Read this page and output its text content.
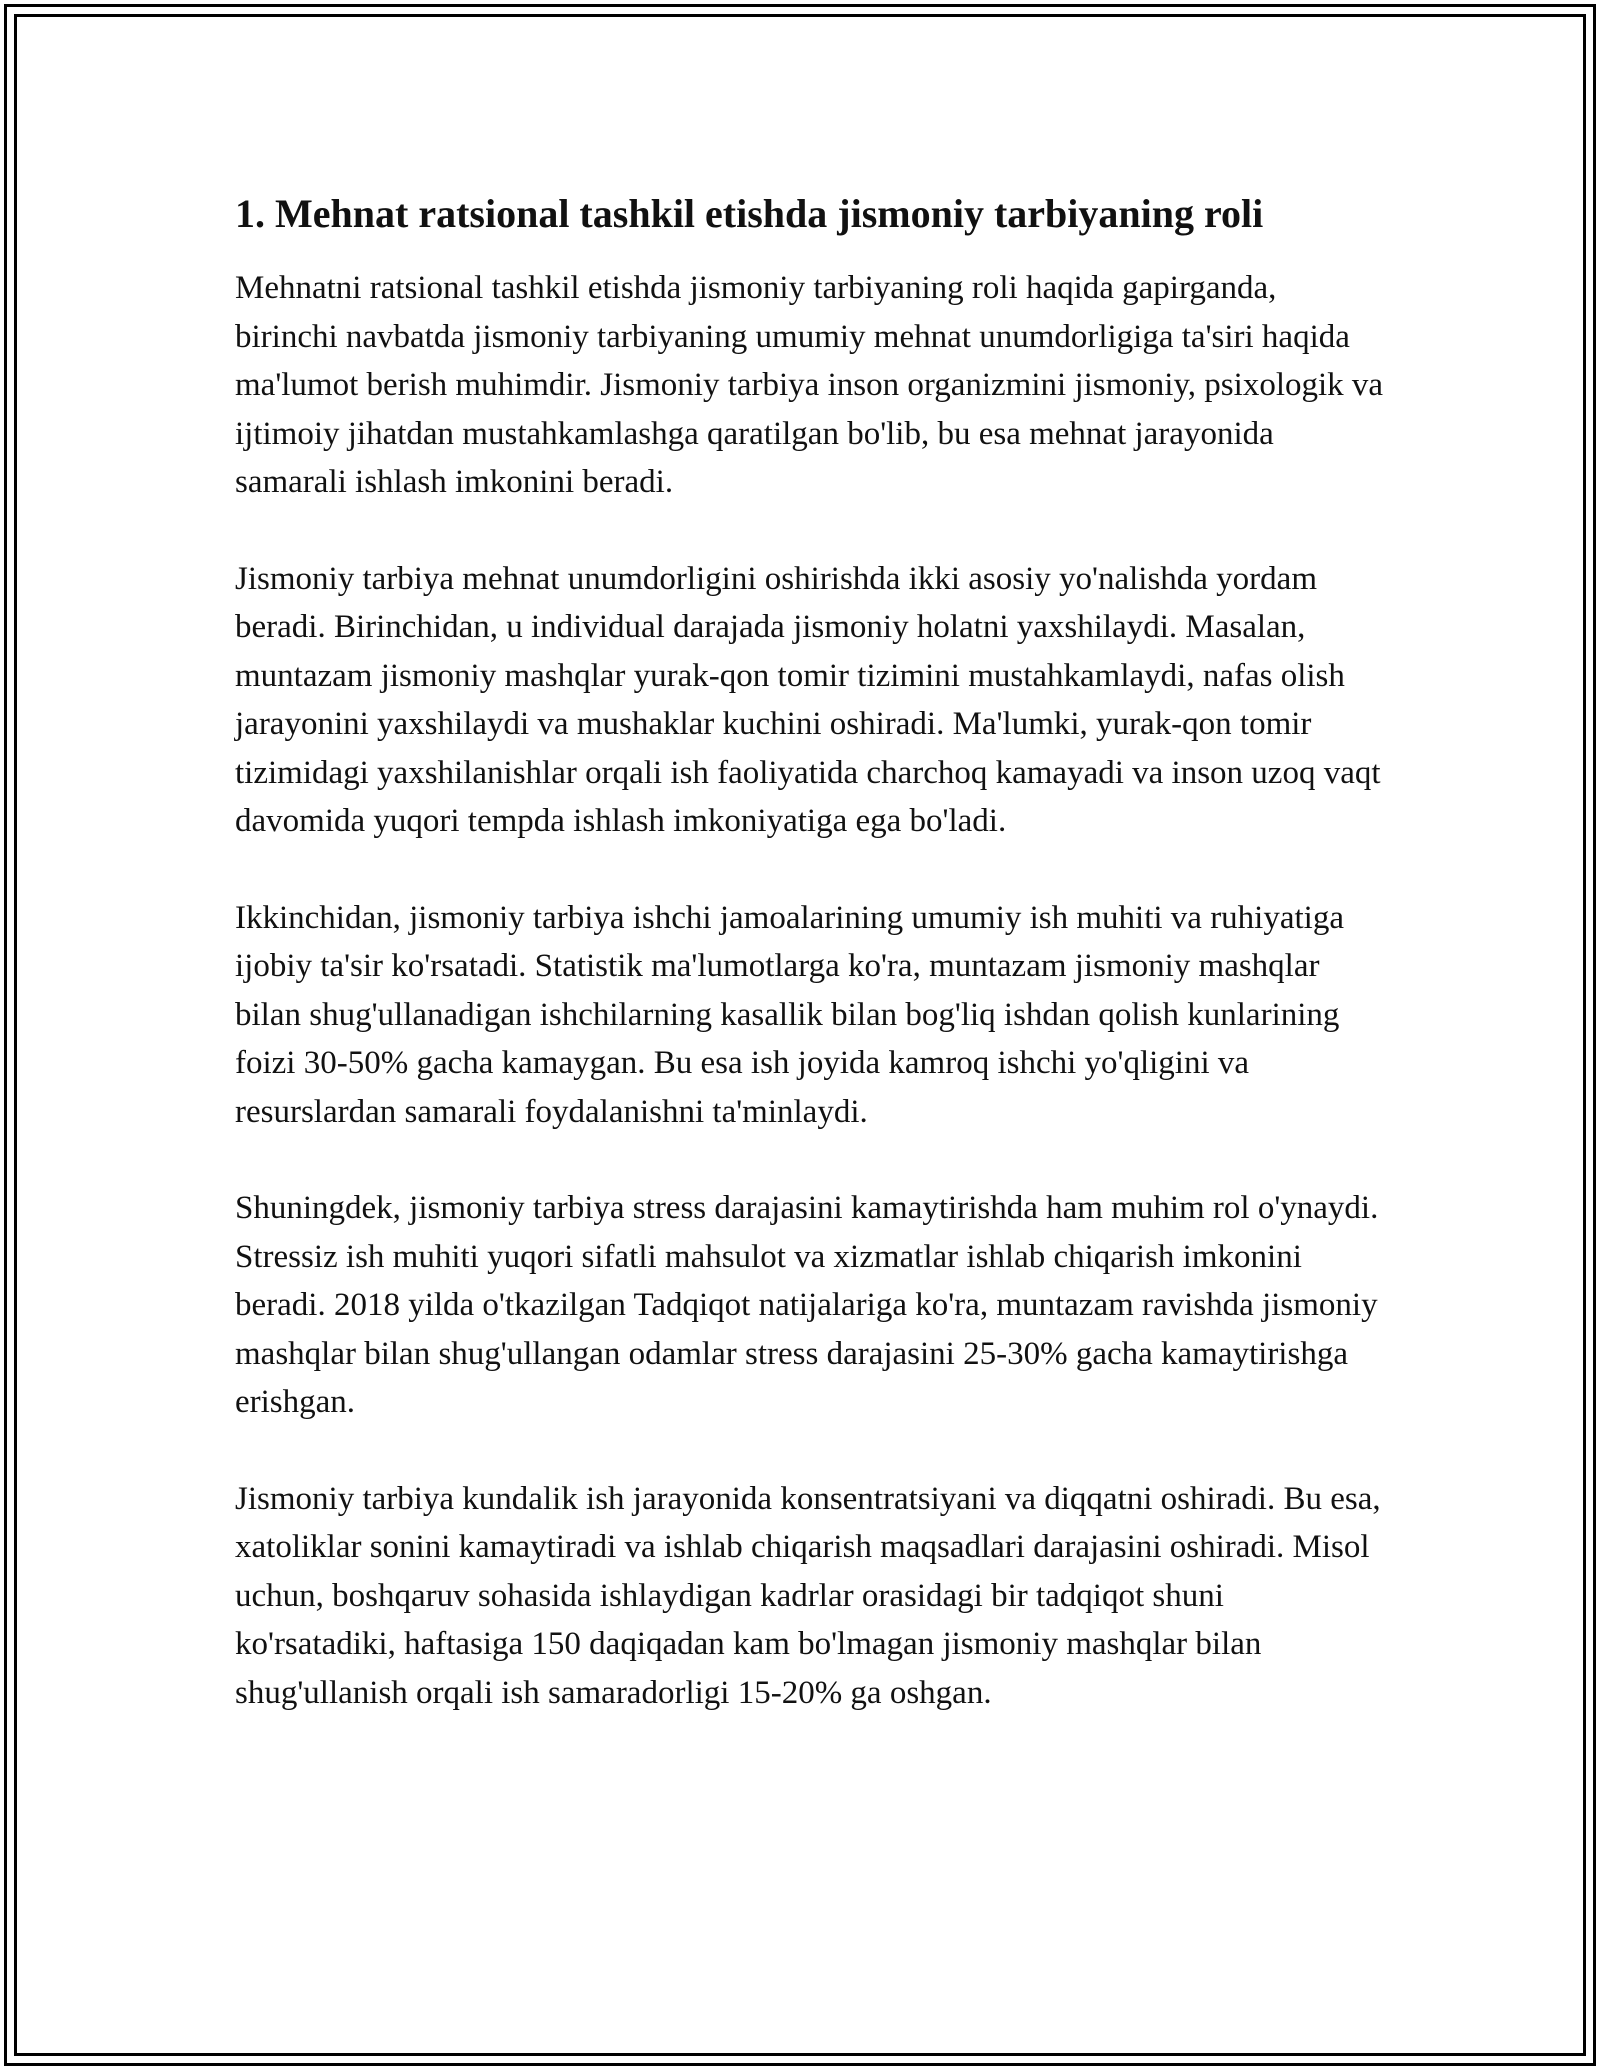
1. Mehnat ratsional tashkil etishda jismoniy tarbiyaning roli

Mehnatni ratsional tashkil etishda jismoniy tarbiyaning roli haqida gapirganda, birinchi navbatda jismoniy tarbiyaning umumiy mehnat unumdorligiga ta'siri haqida ma'lumot berish muhimdir. Jismoniy tarbiya inson organizmini jismoniy, psixologik va ijtimoiy jihatdan mustahkamlashga qaratilgan bo'lib, bu esa mehnat jarayonida samarali ishlash imkonini beradi.

Jismoniy tarbiya mehnat unumdorligini oshirishda ikki asosiy yo'nalishda yordam beradi. Birinchidan, u individual darajada jismoniy holatni yaxshilaydi. Masalan, muntazam jismoniy mashqlar yurak-qon tomir tizimini mustahkamlaydi, nafas olish jarayonini yaxshilaydi va mushaklar kuchini oshiradi. Ma'lumki, yurak-qon tomir tizimidagi yaxshilanishlar orqali ish faoliyatida charchoq kamayadi va inson uzoq vaqt davomida yuqori tempda ishlash imkoniyatiga ega bo'ladi.

Ikkinchidan, jismoniy tarbiya ishchi jamoalarining umumiy ish muhiti va ruhiyatiga ijobiy ta'sir ko'rsatadi. Statistik ma'lumotlarga ko'ra, muntazam jismoniy mashqlar bilan shug'ullanadigan ishchilarning kasallik bilan bog'liq ishdan qolish kunlarining foizi 30-50% gacha kamaygan. Bu esa ish joyida kamroq ishchi yo'qligini va resurslardan samarali foydalanishni ta'minlaydi.

Shuningdek, jismoniy tarbiya stress darajasini kamaytirishda ham muhim rol o'ynaydi. Stressiz ish muhiti yuqori sifatli mahsulot va xizmatlar ishlab chiqarish imkonini beradi. 2018 yilda o'tkazilgan Tadqiqot natijalariga ko'ra, muntazam ravishda jismoniy mashqlar bilan shug'ullangan odamlar stress darajasini 25-30% gacha kamaytirishga erishgan.

Jismoniy tarbiya kundalik ish jarayonida konsentratsiyani va diqqatni oshiradi. Bu esa, xatoliklar sonini kamaytiradi va ishlab chiqarish maqsadlari darajasini oshiradi. Misol uchun, boshqaruv sohasida ishlaydigan kadrlar orasidagi bir tadqiqot shuni ko'rsatadiki, haftasiga 150 daqiqadan kam bo'lmagan jismoniy mashqlar bilan shug'ullanish orqali ish samaradorligi 15-20% ga oshgan.
